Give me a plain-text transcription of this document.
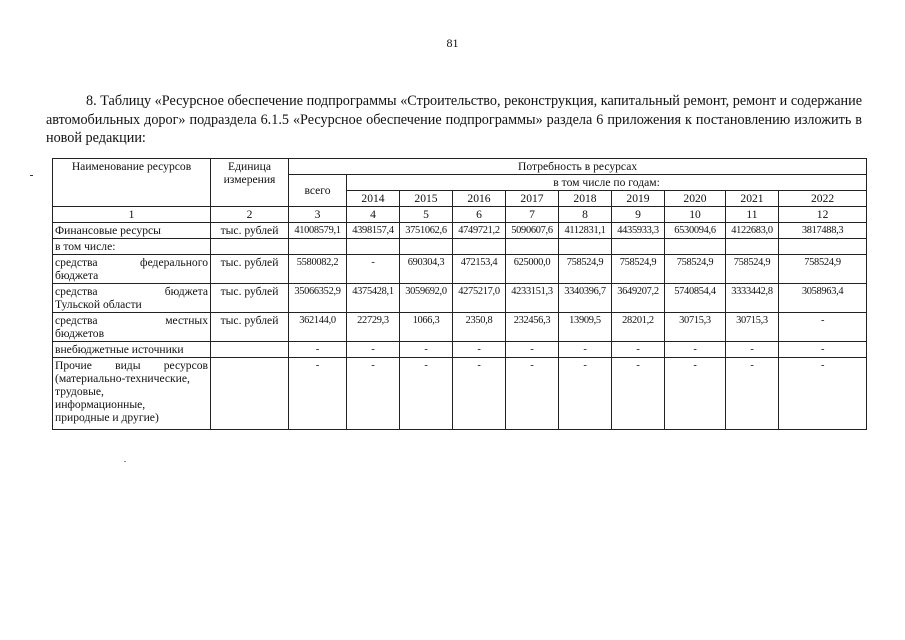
81
8. Таблицу «Ресурсное обеспечение подпрограммы «Строительство, реконструкция, капитальный ремонт, ремонт и содержание автомобильных дорог» подраздела 6.1.5 «Ресурсное обеспечение подпрограммы» раздела 6 приложения к постановлению изложить в новой редакции:
Наименование ресурсов	Единица измерения	Потребность в ресурсах									
		всего	в том числе по годам:								
			2014	2015	2016	2017	2018	2019	2020	2021	2022
1	2	3	4	5	6	7	8	9	10	11	12
Финансовые ресурсы	тыс. рублей	41008579,1	4398157,4	3751062,6	4749721,2	5090607,6	4112831,1	4435933,3	6530094,6	4122683,0	3817488,3
в том числе:											

средства федерального
бюджета	тыс. рублей	5580082,2	-	690304,3	472153,4	625000,0	758524,9	758524,9	758524,9	758524,9	758524,9

средства бюджета
Тульской области	тыс. рублей	35066352,9	4375428,1	3059692,0	4275217,0	4233151,3	3340396,7	3649207,2	5740854,4	3333442,8	3058963,4

средства местных
бюджетов	тыс. рублей	362144,0	22729,3	1066,3	2350,8	232456,3	13909,5	28201,2	30715,3	30715,3	-
внебюджетные источники		-	-	-	-	-	-	-	-	-	-

Прочие виды ресурсов
(материально-технические,
трудовые,
информационные,
природные и другие)		-	-	-	-	-	-	-	-	-	-
